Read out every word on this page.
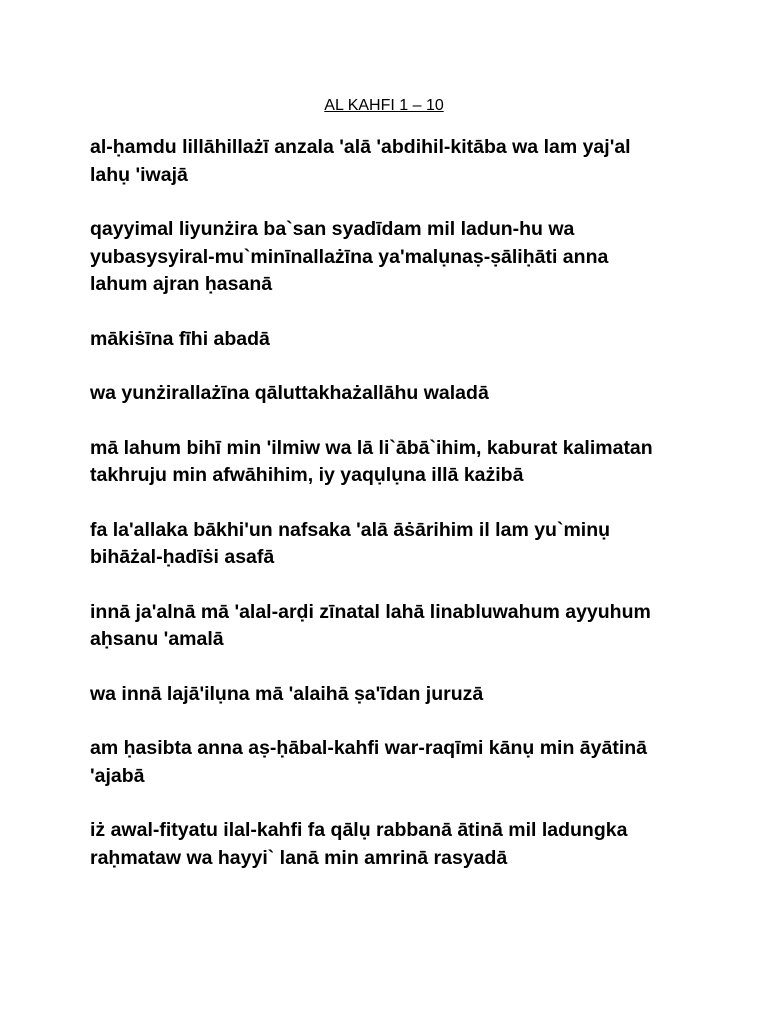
AL KAHFI 1 – 10

al-ḥamdu lillāhillażī anzala 'alā 'abdihil-kitāba wa lam yaj'al
lahụ 'iwajā

qayyimal liyunżira ba`san syadīdam mil ladun-hu wa
yubasysyiral-mu`minīnallażīna ya'malụnaṣ-ṣāliḥāti anna
lahum ajran ḥasanā

mākiṡīna fīhi abadā

wa yunżirallażīna qāluttakhażallāhu waladā

mā lahum bihī min 'ilmiw wa lā li`ābā`ihim, kaburat kalimatan
takhruju min afwāhihim, iy yaqụlụna illā każibā

fa la'allaka bākhi'un nafsaka 'alā āṡārihim il lam yu`minụ
bihāżal-ḥadīṡi asafā

innā ja'alnā mā 'alal-arḍi zīnatal lahā linabluwahum ayyuhum
aḥsanu 'amalā

wa innā lajā'ilụna mā 'alaihā ṣa'īdan juruzā

am ḥasibta anna aṣ-ḥābal-kahfi war-raqīmi kānụ min āyātinā
'ajabā

iż awal-fityatu ilal-kahfi fa qālụ rabbanā ātinā mil ladungka
raḥmataw wa hayyi` lanā min amrinā rasyadā
